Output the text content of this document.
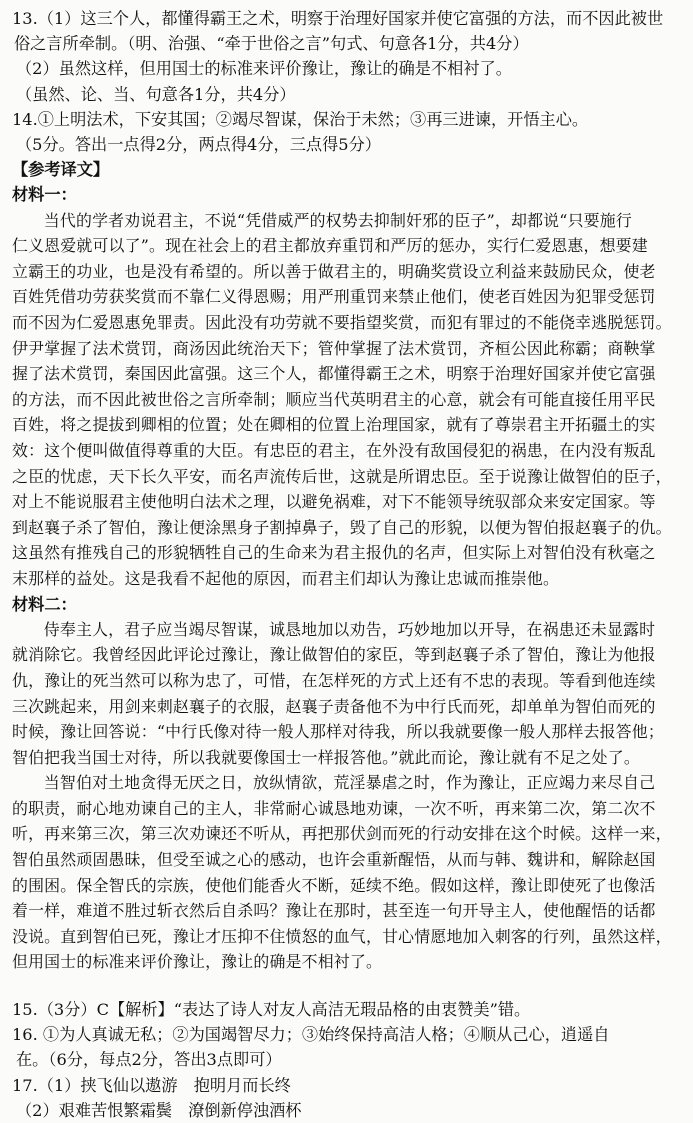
13.（1）这三个人，都懂得霸王之术，明察于治理好国家并使它富强的方法，而不因此被世
俗之言所牵制。（明、治强、“牵于世俗之言”句式、句意各1分，共4分）
（2）虽然这样，但用国士的标准来评价豫让，豫让的确是不相衬了。
（虽然、论、当、句意各1分，共4分）
14.①上明法术，下安其国；②竭尽智谋，保治于未然；③再三进谏，开悟主心。
（5分。答出一点得2分，两点得4分，三点得5分）
【参考译文】
材料一：
当代的学者劝说君主，不说“凭借威严的权势去抑制奸邪的臣子”，却都说“只要施行
仁义恩爱就可以了”。现在社会上的君主都放弃重罚和严厉的惩办，实行仁爱恩惠，想要建
立霸王的功业，也是没有希望的。所以善于做君主的，明确奖赏设立利益来鼓励民众，使老
百姓凭借功劳获奖赏而不靠仁义得恩赐；用严刑重罚来禁止他们，使老百姓因为犯罪受惩罚
而不因为仁爱恩惠免罪责。因此没有功劳就不要指望奖赏，而犯有罪过的不能侥幸逃脱惩罚。
伊尹掌握了法术赏罚，商汤因此统治天下；管仲掌握了法术赏罚，齐桓公因此称霸；商鞅掌
握了法术赏罚，秦国因此富强。这三个人，都懂得霸王之术，明察于治理好国家并使它富强
的方法，而不因此被世俗之言所牵制；顺应当代英明君主的心意，就会有可能直接任用平民
百姓，将之提拔到卿相的位置；处在卿相的位置上治理国家，就有了尊崇君主开拓疆土的实
效：这个便叫做值得尊重的大臣。有忠臣的君主，在外没有敌国侵犯的祸患，在内没有叛乱
之臣的忧虑，天下长久平安，而名声流传后世，这就是所谓忠臣。至于说豫让做智伯的臣子，
对上不能说服君主使他明白法术之理，以避免祸难，对下不能领导统驭部众来安定国家。等
到赵襄子杀了智伯，豫让便涂黑身子割掉鼻子，毁了自己的形貌，以便为智伯报赵襄子的仇。
这虽然有推残自己的形貌牺牲自己的生命来为君主报仇的名声，但实际上对智伯没有秋毫之
末那样的益处。这是我看不起他的原因，而君主们却认为豫让忠诚而推崇他。
材料二：
侍奉主人，君子应当竭尽智谋，诚恳地加以劝告，巧妙地加以开导，在祸患还未显露时
就消除它。我曾经因此评论过豫让，豫让做智伯的家臣，等到赵襄子杀了智伯，豫让为他报
仇，豫让的死当然可以称为忠了，可惜，在怎样死的方式上还有不忠的表现。等看到他连续
三次跳起来，用剑来刺赵襄子的衣服，赵襄子责备他不为中行氏而死，却单单为智伯而死的
时候，豫让回答说：“中行氏像对待一般人那样对待我，所以我就要像一般人那样去报答他；
智伯把我当国士对待，所以我就要像国士一样报答他。”就此而论，豫让就有不足之处了。
当智伯对土地贪得无厌之日，放纵情欲，荒淫暴虐之时，作为豫让，正应竭力来尽自己
的职责，耐心地劝谏自己的主人，非常耐心诚恳地劝谏，一次不听，再来第二次，第二次不
听，再来第三次，第三次劝谏还不听从，再把那伏剑而死的行动安排在这个时候。这样一来，
智伯虽然顽固愚昧，但受至诚之心的感动，也许会重新醒悟，从而与韩、魏讲和，解除赵国
的围困。保全智氏的宗族，使他们能香火不断，延续不绝。假如这样，豫让即使死了也像活
着一样，难道不胜过斩衣然后自杀吗？豫让在那时，甚至连一句开导主人，使他醒悟的话都
没说。直到智伯已死，豫让才压抑不住愤怒的血气，甘心情愿地加入刺客的行列，虽然这样，
但用国士的标准来评价豫让，豫让的确是不相衬了。
15.（3分）C【解析】“表达了诗人对友人高洁无瑕品格的由衷赞美”错。
16. ①为人真诚无私；②为国竭智尽力；③始终保持高洁人格；④顺从己心，逍遥自
在。（6分，每点2分，答出3点即可）
17.（1）挟飞仙以遨游　抱明月而长终
（2）艰难苦恨繁霜鬓　潦倒新停浊酒杯
